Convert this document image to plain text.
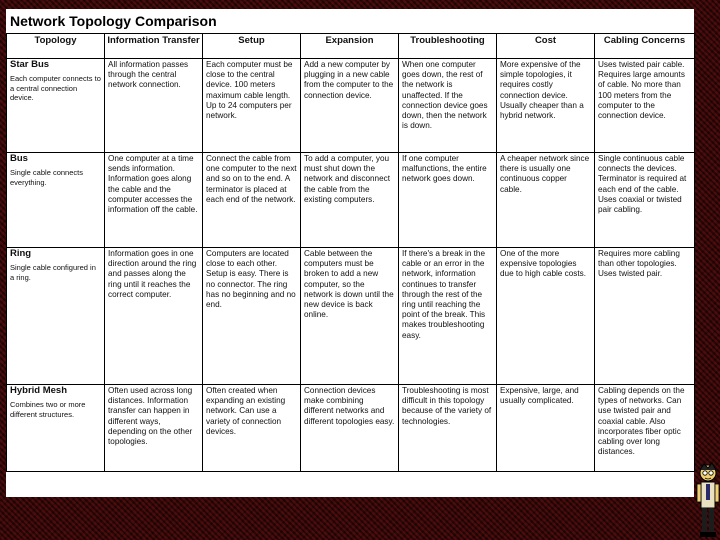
Network Topology Comparison
Topology	Information Transfer	Setup	Expansion	Troubleshooting	Cost	Cabling Concerns

Star Bus
Each computer connects to a central connection device.	All information passes through the central network connection.	Each computer must be close to the central device. 100 meters maximum cable length. Up to 24 computers per network.	Add a new computer by plugging in a new cable from the computer to the connection device.	When one computer goes down, the rest of the network is unaffected. If the connection device goes down, then the network is down.	More expensive of the simple topologies, it requires costly connection device. Usually cheaper than a hybrid network.	Uses twisted pair cable. Requires large amounts of cable. No more than 100 meters from the computer to the connection device.

Bus
Single cable connects everything.	One computer at a time sends information. Information goes along the cable and the computer accesses the information off the cable.	Connect the cable from one computer to the next and so on to the end. A terminator is placed at each end of the network.	To add a computer, you must shut down the network and disconnect the cable from the existing computers.	If one computer malfunctions, the entire network goes down.	A cheaper network since there is usually one continuous copper cable.	Single continuous cable connects the devices. Terminator is required at each end of the cable. Uses coaxial or twisted pair cabling.

Ring
Single cable configured in a ring.	Information goes in one direction around the ring and passes along the ring until it reaches the correct computer.	Computers are located close to each other. Setup is easy. There is no connector. The ring has no beginning and no end.	Cable between the computers must be broken to add a new computer, so the network is down until the new device is back online.	If there's a break in the cable or an error in the network, information continues to transfer through the rest of the ring until reaching the point of the break. This makes troubleshooting easy.	One of the more expensive topologies due to high cable costs.	Requires more cabling than other topologies. Uses twisted pair.

Hybrid Mesh
Combines two or more different structures.	Often used across long distances. Information transfer can happen in different ways, depending on the other topologies.	Often created when expanding an existing network. Can use a variety of connection devices.	Connection devices make combining different networks and different topologies easy.	Troubleshooting is most difficult in this topology because of the variety of technologies.	Expensive, large, and usually complicated.	Cabling depends on the types of networks. Can use twisted pair and coaxial cable. Also incorporates fiber optic cabling over long distances.
